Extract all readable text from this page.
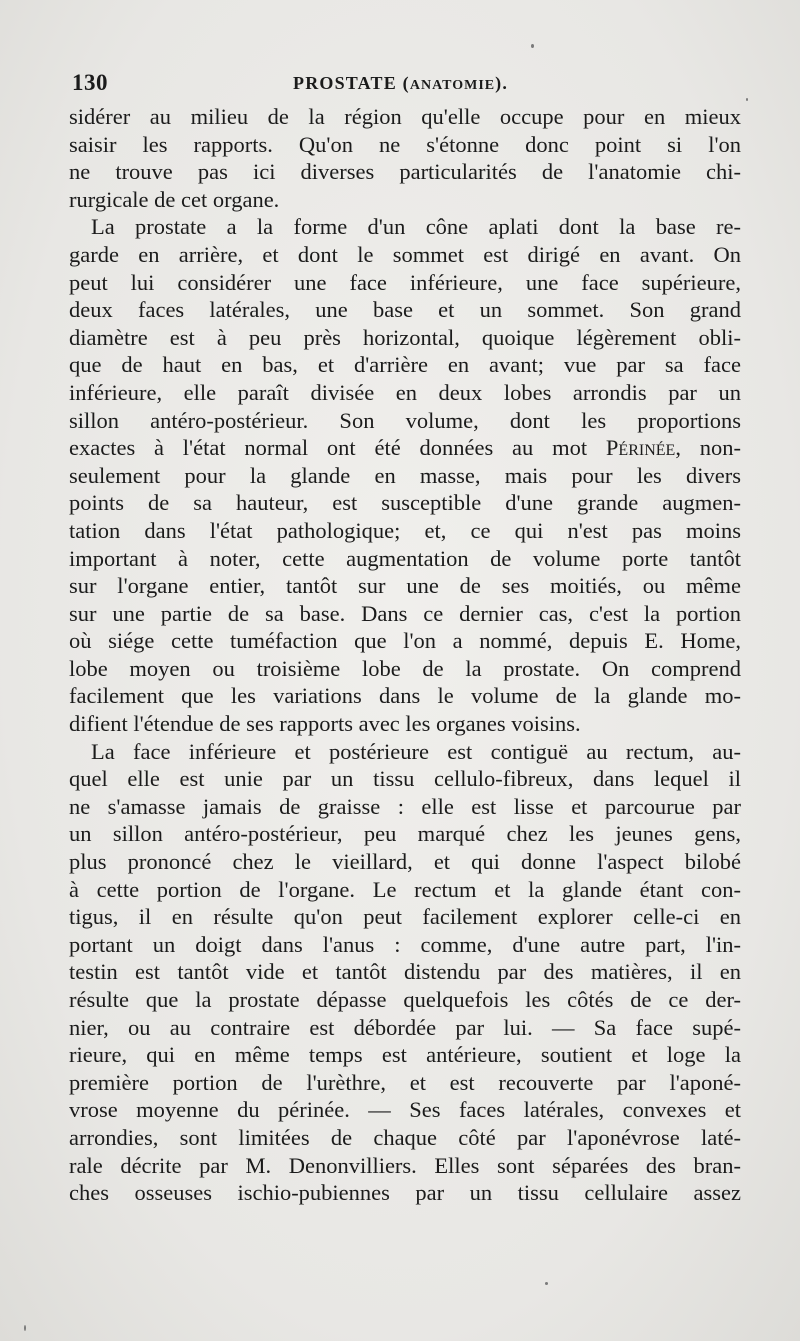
130	PROSTATE (ANATOMIE).
sidérer au milieu de la région qu'elle occupe pour en mieux
saisir les rapports. Qu'on ne s'étonne donc point si l'on
ne trouve pas ici diverses particularités de l'anatomie chi-
rurgicale de cet organe.
La prostate a la forme d'un cône aplati dont la base re-
garde en arrière, et dont le sommet est dirigé en avant. On
peut lui considérer une face inférieure, une face supérieure,
deux faces latérales, une base et un sommet. Son grand
diamètre est à peu près horizontal, quoique légèrement obli-
que de haut en bas, et d'arrière en avant; vue par sa face
inférieure, elle paraît divisée en deux lobes arrondis par un
sillon antéro-postérieur. Son volume, dont les proportions
exactes à l'état normal ont été données au mot Périnée, non-
seulement pour la glande en masse, mais pour les divers
points de sa hauteur, est susceptible d'une grande augmen-
tation dans l'état pathologique; et, ce qui n'est pas moins
important à noter, cette augmentation de volume porte tantôt
sur l'organe entier, tantôt sur une de ses moitiés, ou même
sur une partie de sa base. Dans ce dernier cas, c'est la portion
où siége cette tuméfaction que l'on a nommé, depuis E. Home,
lobe moyen ou troisième lobe de la prostate. On comprend
facilement que les variations dans le volume de la glande mo-
difient l'étendue de ses rapports avec les organes voisins.
La face inférieure et postérieure est contiguë au rectum, au-
quel elle est unie par un tissu cellulo-fibreux, dans lequel il
ne s'amasse jamais de graisse : elle est lisse et parcourue par
un sillon antéro-postérieur, peu marqué chez les jeunes gens,
plus prononcé chez le vieillard, et qui donne l'aspect bilobé
à cette portion de l'organe. Le rectum et la glande étant con-
tigus, il en résulte qu'on peut facilement explorer celle-ci en
portant un doigt dans l'anus : comme, d'une autre part, l'in-
testin est tantôt vide et tantôt distendu par des matières, il en
résulte que la prostate dépasse quelquefois les côtés de ce der-
nier, ou au contraire est débordée par lui. — Sa face supé-
rieure, qui en même temps est antérieure, soutient et loge la
première portion de l'urèthre, et est recouverte par l'aponé-
vrose moyenne du périnée. — Ses faces latérales, convexes et
arrondies, sont limitées de chaque côté par l'aponévrose laté-
rale décrite par M. Denonvilliers. Elles sont séparées des bran-
ches osseuses ischio-pubiennes par un tissu cellulaire assez
